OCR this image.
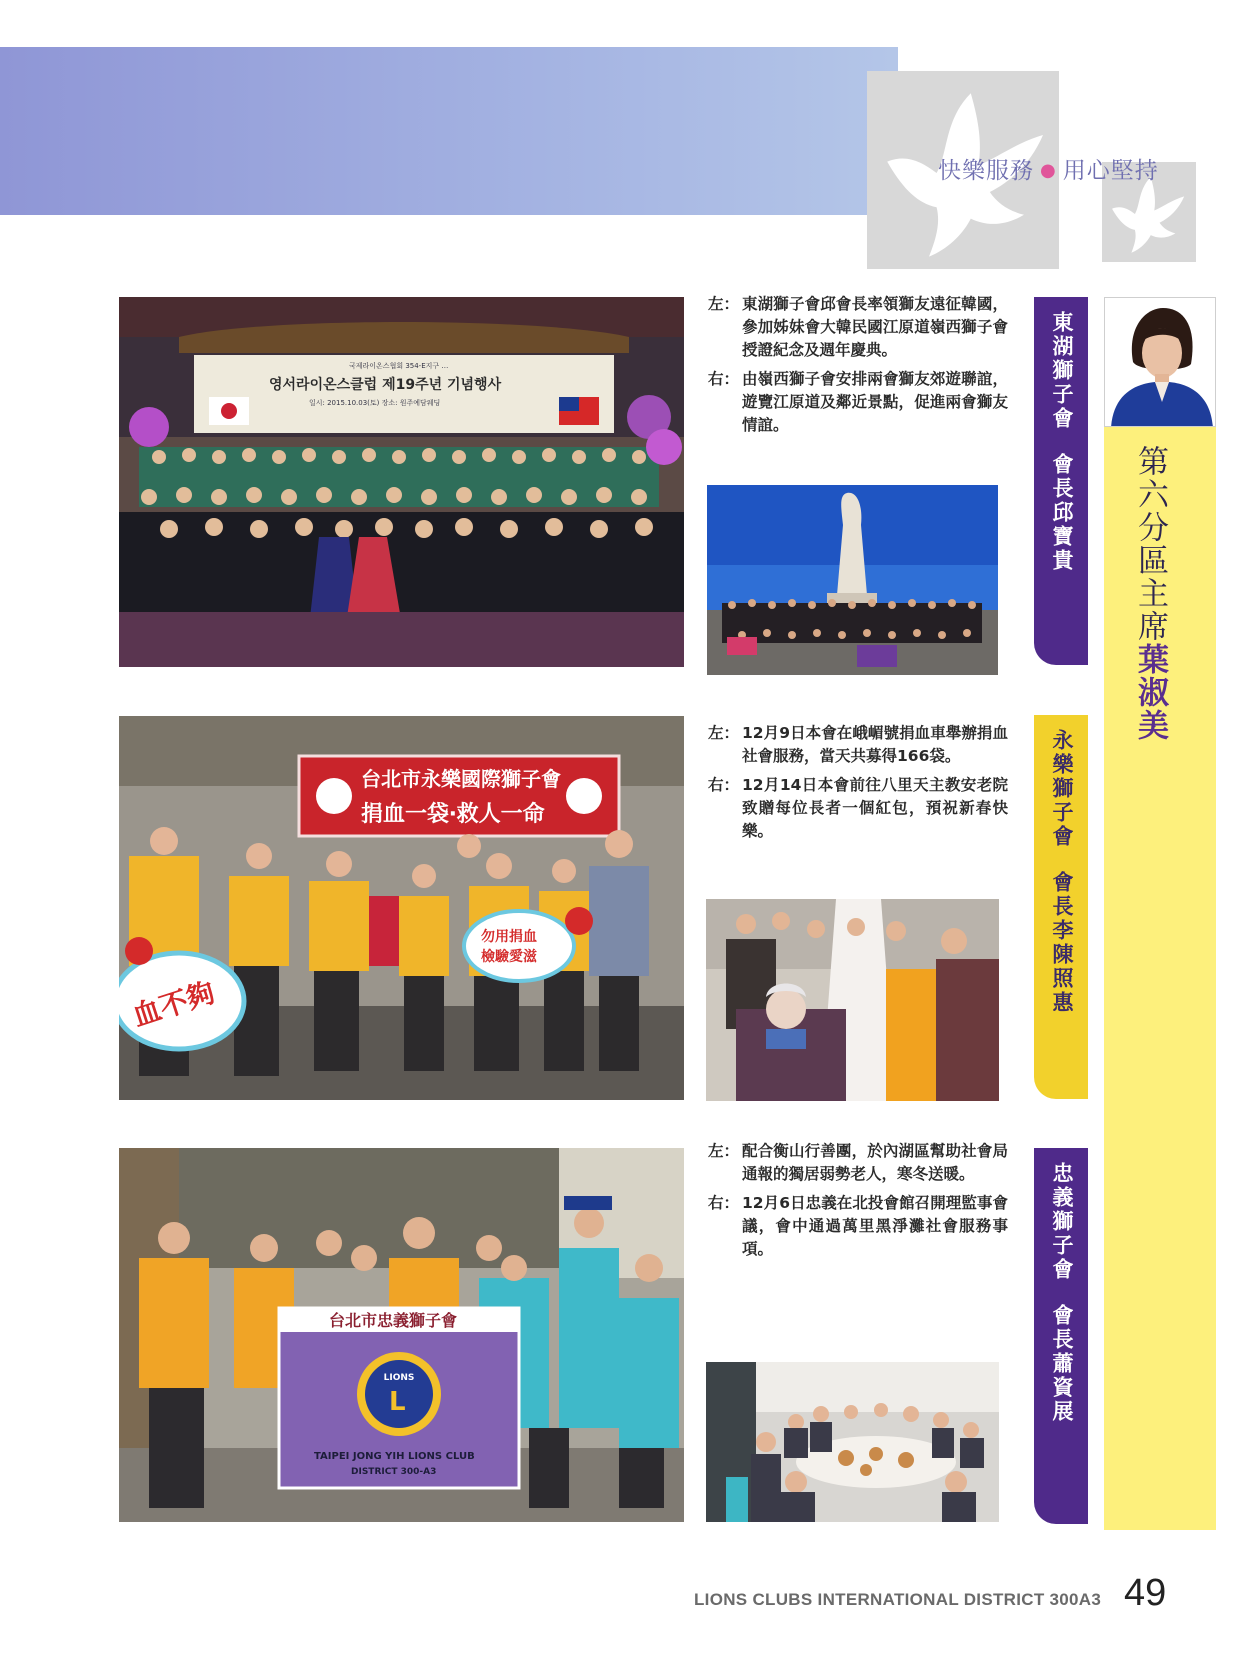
快樂服務 ● 用心堅持
第六分區主席葉淑美
東湖獅子會會長邱寶貴
永樂獅子會會長李陳照惠
忠義獅子會會長蕭資展
국제라이온스협회 354-E지구 …
영서라이온스클럽 제19주년 기념행사
일시: 2015.10.03(토) 장소: 원주예담웨딩
左： 東湖獅子會邱會長率領獅友遠征韓國，參加姊妹會大韓民國江原道嶺西獅子會授證紀念及週年慶典。
右： 由嶺西獅子會安排兩會獅友郊遊聯誼，遊覽江原道及鄰近景點，促進兩會獅友情誼。
台北市永樂國際獅子會
捐血一袋‧救人一命
血不夠
勿用捐血
檢驗愛滋
左： 12月9日本會在峨嵋號捐血車舉辦捐血社會服務，當天共募得166袋。
右： 12月14日本會前往八里天主教安老院致贈每位長者一個紅包，預祝新春快樂。
台北市忠義獅子會
LIONS
L
TAIPEI JONG YIH LIONS CLUB
DISTRICT 300-A3
左： 配合衡山行善團，於內湖區幫助社會局通報的獨居弱勢老人，寒冬送暖。
右： 12月6日忠義在北投會館召開理監事會議，會中通過萬里黑淨灘社會服務事項。
LIONS CLUBS INTERNATIONAL DISTRICT 300A3 49
